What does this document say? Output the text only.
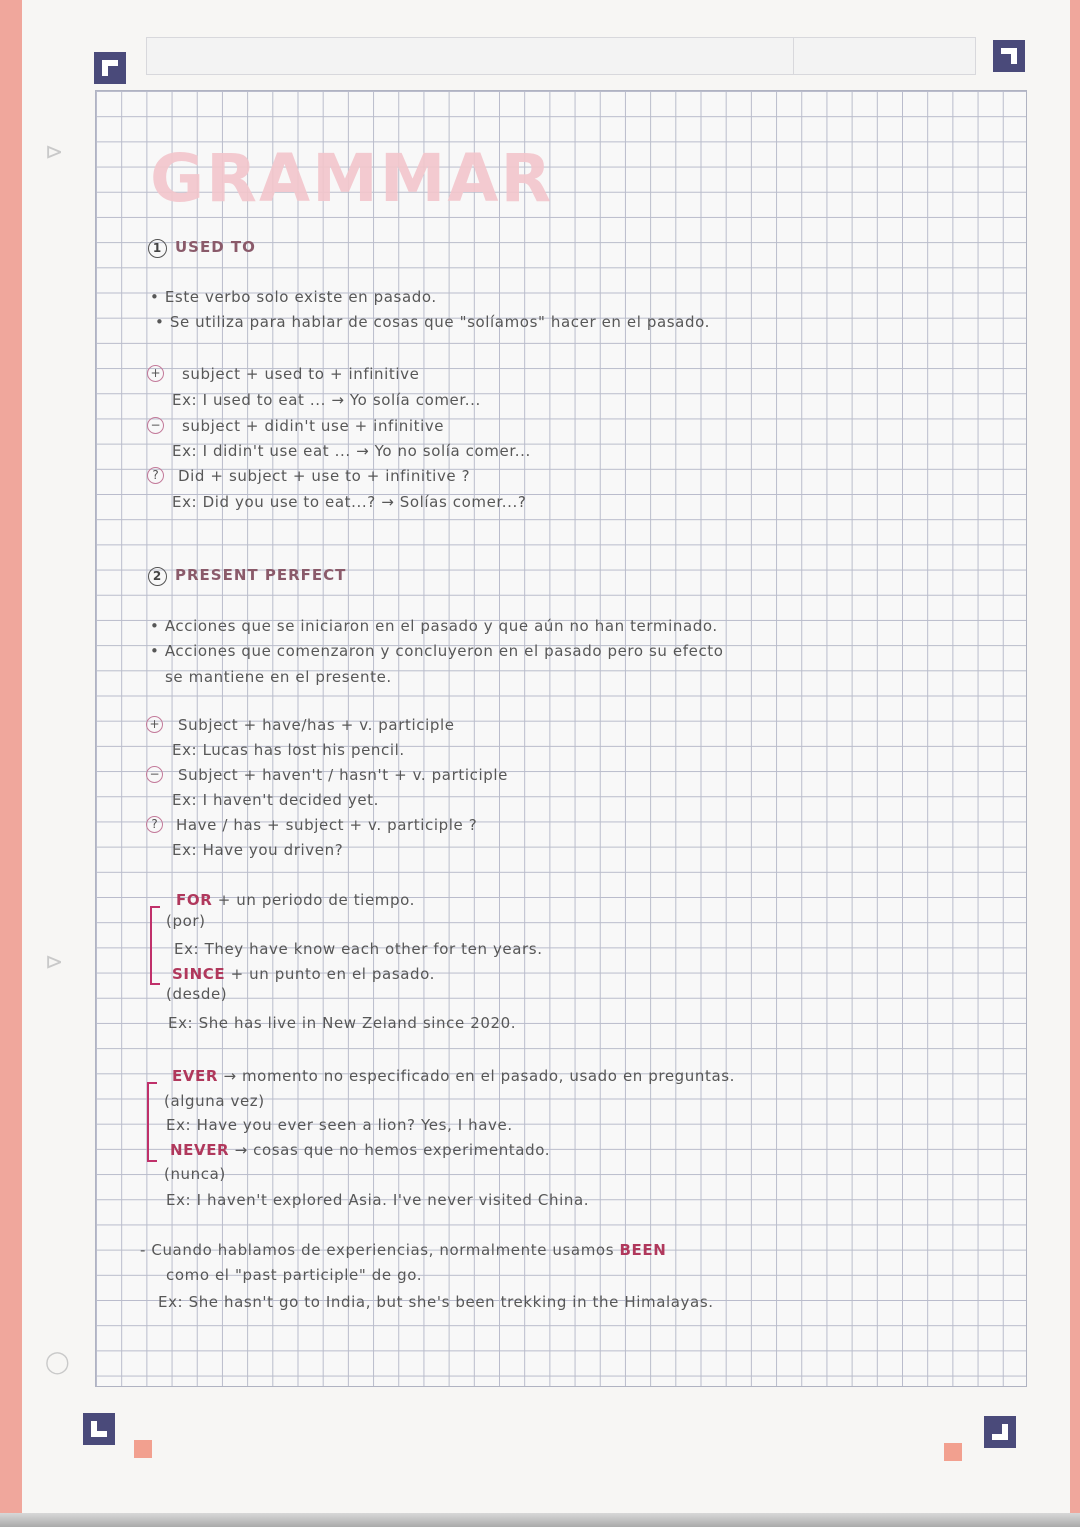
⊳
⊳
◯
GRAMMAR
1 USED TO
• Este verbo solo existe en pasado.
• Se utiliza para hablar de cosas que "solíamos" hacer en el pasado.
+ subject + used to + infinitive
Ex: I used to eat ... → Yo solía comer...
− subject + didin't use + infinitive
Ex: I didin't use eat ... → Yo no solía comer...
?	Did + subject + use to + infinitive ?
Ex: Did you use to eat...? → Solías comer...?
2 PRESENT PERFECT
• Acciones que se iniciaron en el pasado y que aún no han terminado.
• Acciones que comenzaron y concluyeron en el pasado pero su efecto
se mantiene en el presente.
+ Subject + have/has + v. participle
Ex: Lucas has lost his pencil.
− Subject + haven't / hasn't + v. participle
Ex: I haven't decided yet.
?	Have / has + subject + v. participle ?
Ex: Have you driven?
FOR + un periodo de tiempo.
(por)
Ex: They have know each other for ten years.
SINCE + un punto en el pasado.
(desde)
Ex: She has live in New Zeland since 2020.
EVER → momento no especificado en el pasado, usado en preguntas.
(alguna vez)
Ex: Have you ever seen a lion? Yes, I have.
NEVER → cosas que no hemos experimentado.
(nunca)
Ex: I haven't explored Asia. I've never visited China.
- Cuando hablamos de experiencias, normalmente usamos BEEN
como el "past participle" de go.
Ex: She hasn't go to India, but she's been trekking in the Himalayas.
